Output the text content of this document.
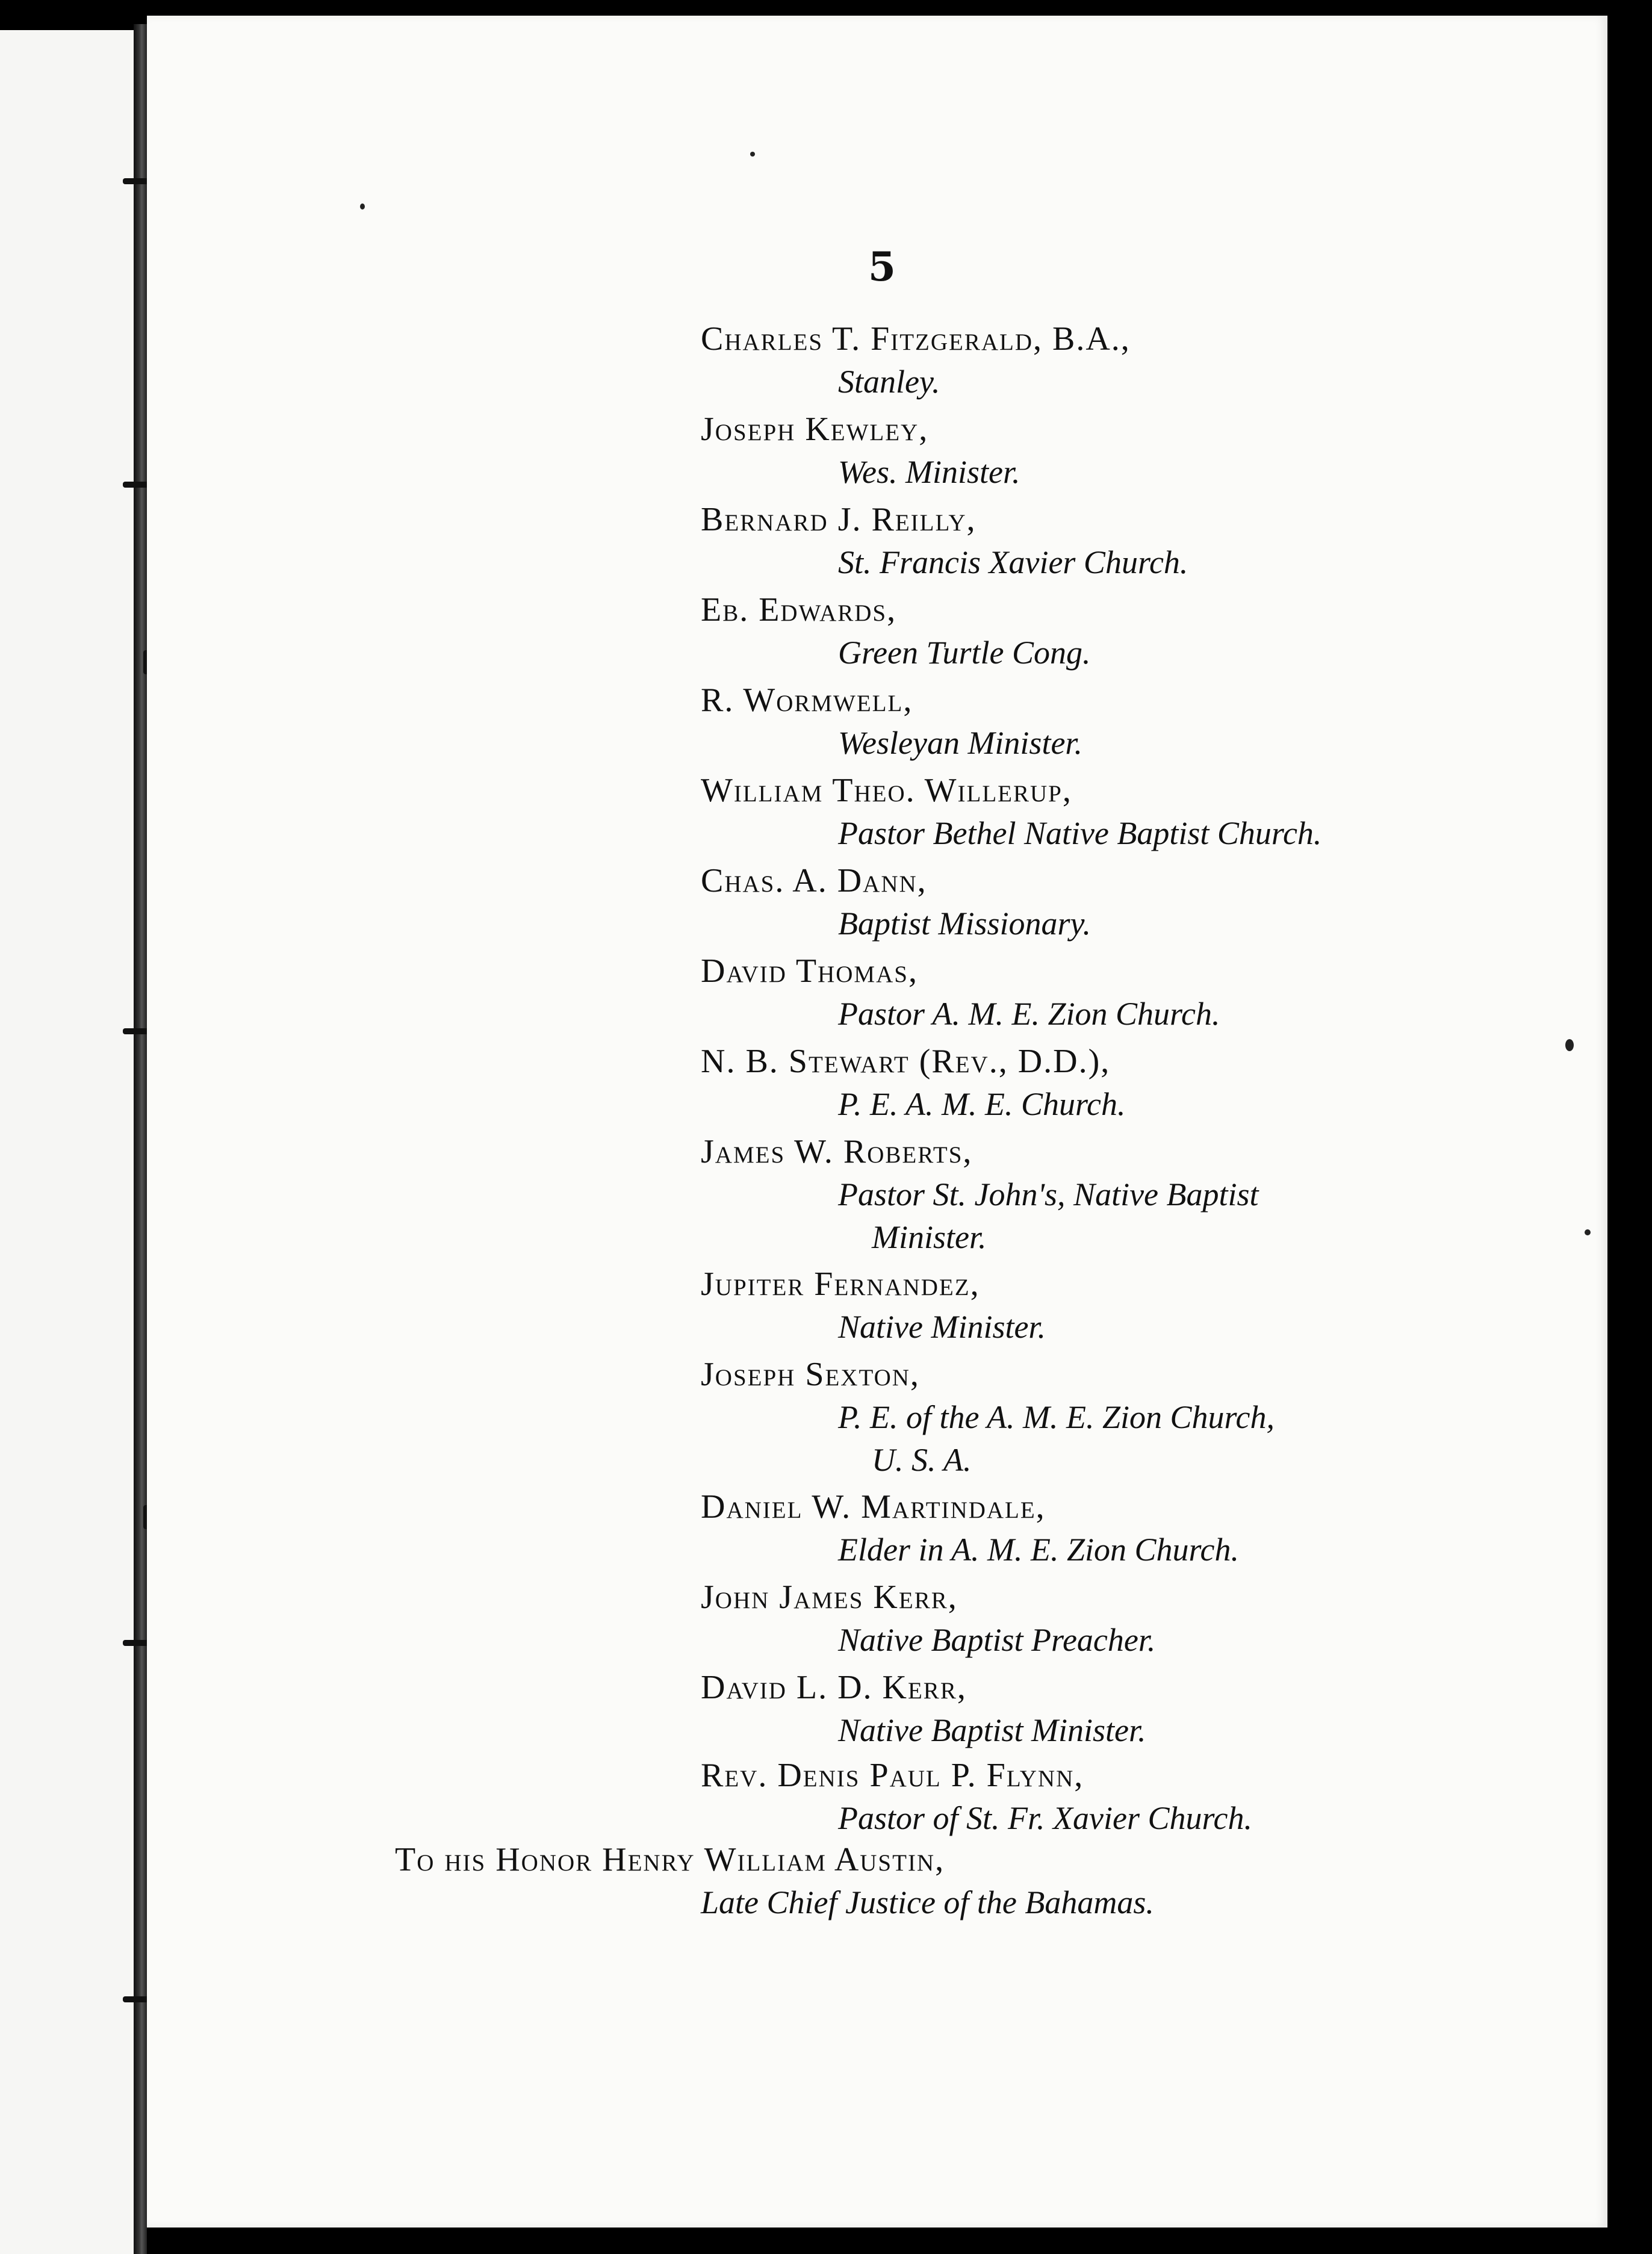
5
Charles T. Fitzgerald, B.A.,
Stanley.
Joseph Kewley,
Wes. Minister.
Bernard J. Reilly,
St. Francis Xavier Church.
Eb. Edwards,
Green Turtle Cong.
R. Wormwell,
Wesleyan Minister.
William Theo. Willerup,
Pastor Bethel Native Baptist Church.
Chas. A. Dann,
Baptist Missionary.
David Thomas,
Pastor A. M. E. Zion Church.
N. B. Stewart (Rev., D.D.),
P. E. A. M. E. Church.
James W. Roberts,
Pastor St. John's, Native Baptist
Minister.
Jupiter Fernandez,
Native Minister.
Joseph Sexton,
P. E. of the A. M. E. Zion Church,
U. S. A.
Daniel W. Martindale,
Elder in A. M. E. Zion Church.
John James Kerr,
Native Baptist Preacher.
David L. D. Kerr,
Native Baptist Minister.
Rev. Denis Paul P. Flynn,
Pastor of St. Fr. Xavier Church.
To his Honor Henry William Austin,
Late Chief Justice of the Bahamas.
